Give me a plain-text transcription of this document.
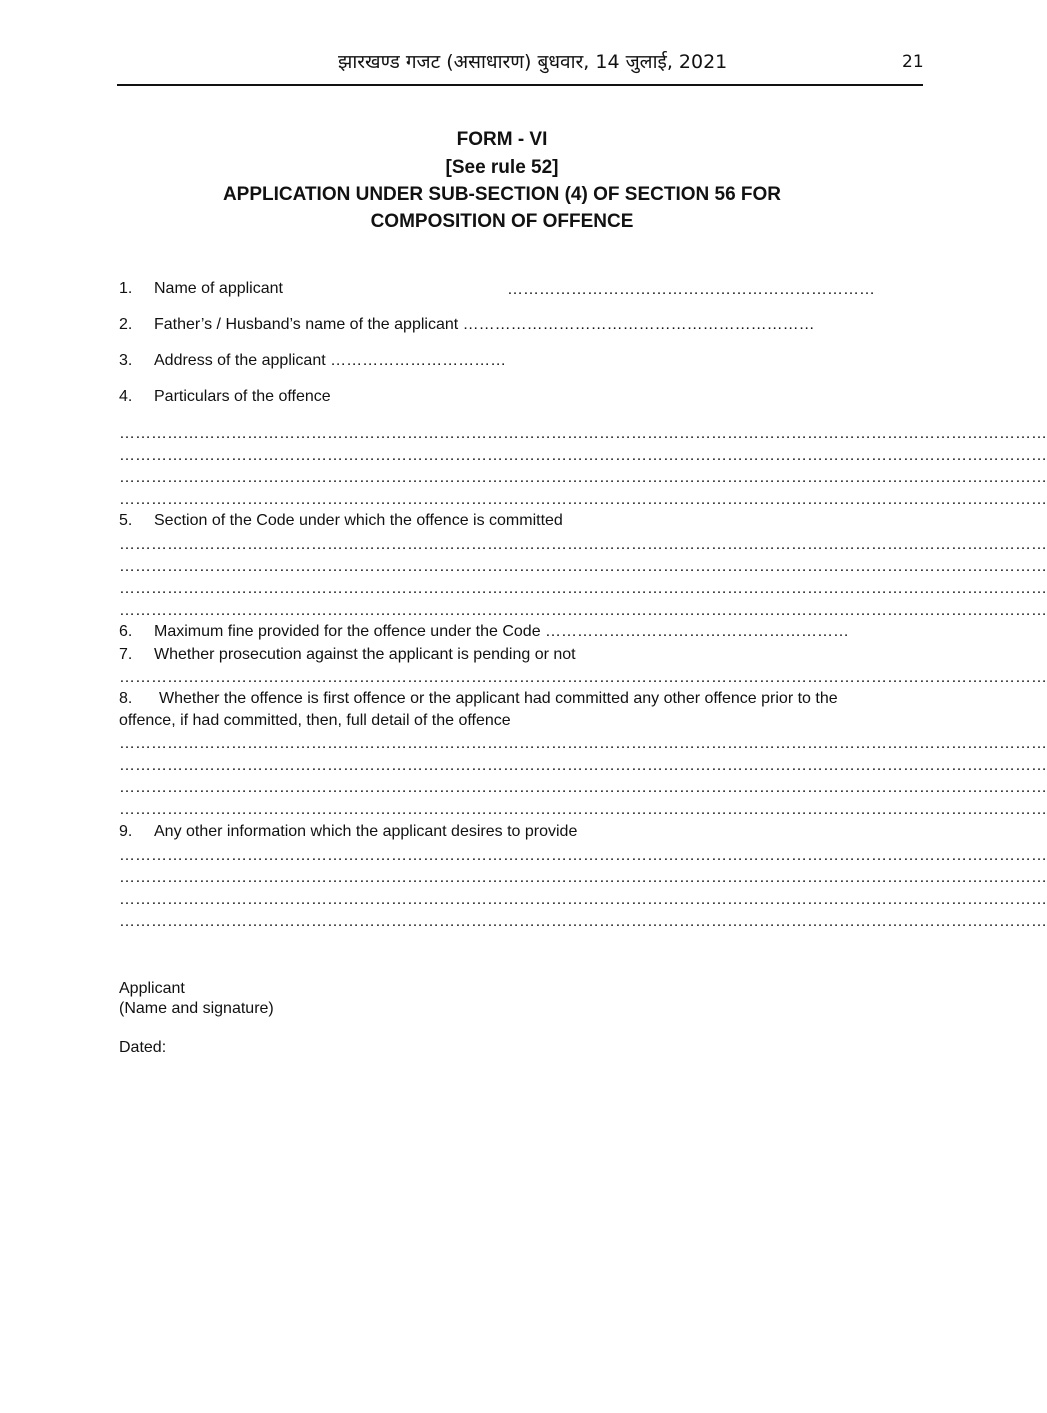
झारखण्ड गजट (असाधारण) बुधवार, 14 जुलाई, 2021	21
FORM - VI
[See rule 52]
APPLICATION UNDER SUB-SECTION (4) OF SECTION 56 FOR
COMPOSITION OF OFFENCE
1. Name of applicant	……………………………………………………………
2. Father’s / Husband’s name of the applicant …………………………………………………………
3. Address of the applicant ……………………………
4. Particulars of the offence
…………………………………………………………………………………………………………………………………………………………
…………………………………………………………………………………………………………………………………………………………
…………………………………………………………………………………………………………………………………………………………
…………………………………………………………………………………………………………………………………………………………
5. Section of the Code under which the offence is committed
…………………………………………………………………………………………………………………………………………………………
…………………………………………………………………………………………………………………………………………………………
…………………………………………………………………………………………………………………………………………………………
…………………………………………………………………………………………………………………………………………………………
6. Maximum fine provided for the offence under the Code …………………………………………………
7. Whether prosecution against the applicant is pending or not
…………………………………………………………………………………………………………………………………………………………
8. Whether the offence is first offence or the applicant had committed any other offence prior to the
offence, if had committed, then, full detail of the offence
…………………………………………………………………………………………………………………………………………………………
…………………………………………………………………………………………………………………………………………………………
…………………………………………………………………………………………………………………………………………………………
…………………………………………………………………………………………………………………………………………………………
9. Any other information which the applicant desires to provide
…………………………………………………………………………………………………………………………………………………………
…………………………………………………………………………………………………………………………………………………………
…………………………………………………………………………………………………………………………………………………………
…………………………………………………………………………………………………………………………………………………………
Applicant
(Name and signature)
Dated:
